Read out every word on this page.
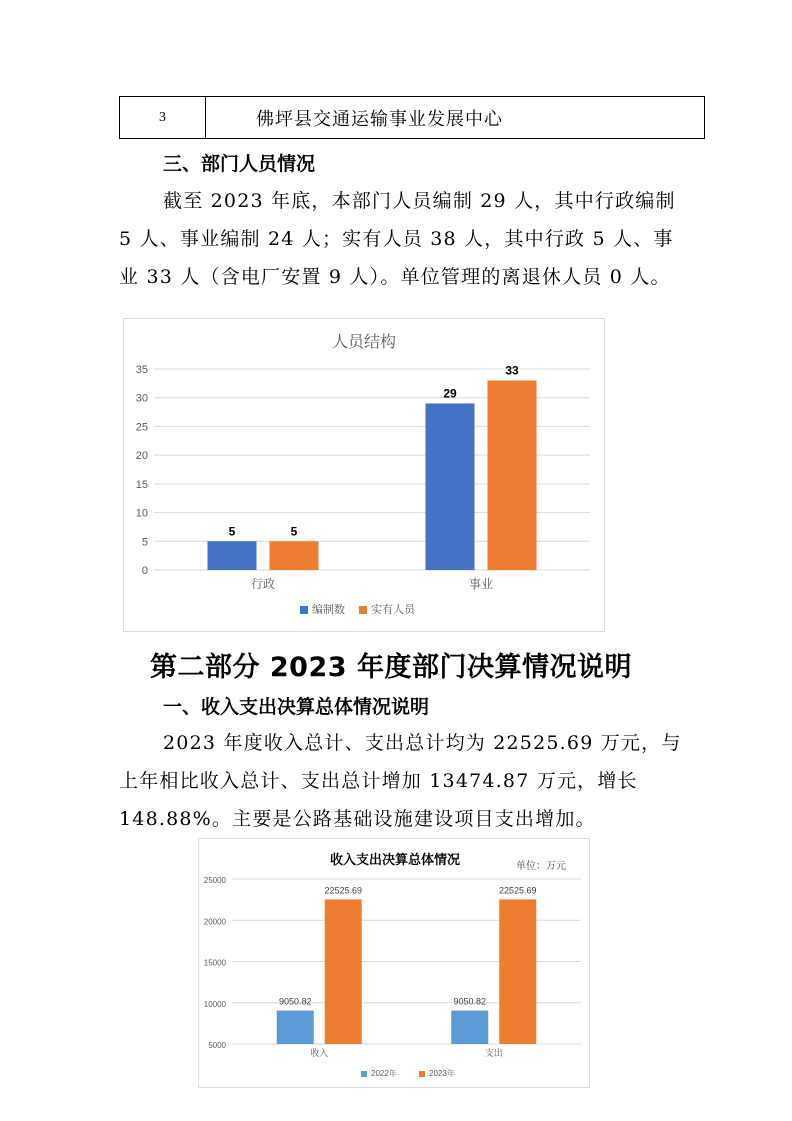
3	佛坪县交通运输事业发展中心
三、部门人员情况
截至 2023 年底，本部门人员编制 29 人，其中行政编制
5 人、事业编制 24 人；实有人员 38 人，其中行政 5 人、事
业 33 人（含电厂安置 9 人）。单位管理的离退休人员 0 人。
人员结构
0
5
10
15
20
25
30
35
5	5
行政
29
33
事业
编制数 实有人员
第二部分 2023 年度部门决算情况说明
一、收入支出决算总体情况说明
2023 年度收入总计、支出总计均为 22525.69 万元，与
上年相比收入总计、支出总计增加 13474.87 万元，增长
148.88%。主要是公路基础设施建设项目支出增加。
收入支出决算总体情况	单位：万元
5000
10000
15000
20000
25000
9050.82
22525.69
收入
9050.82
22525.69
支出
2022年	2023年
